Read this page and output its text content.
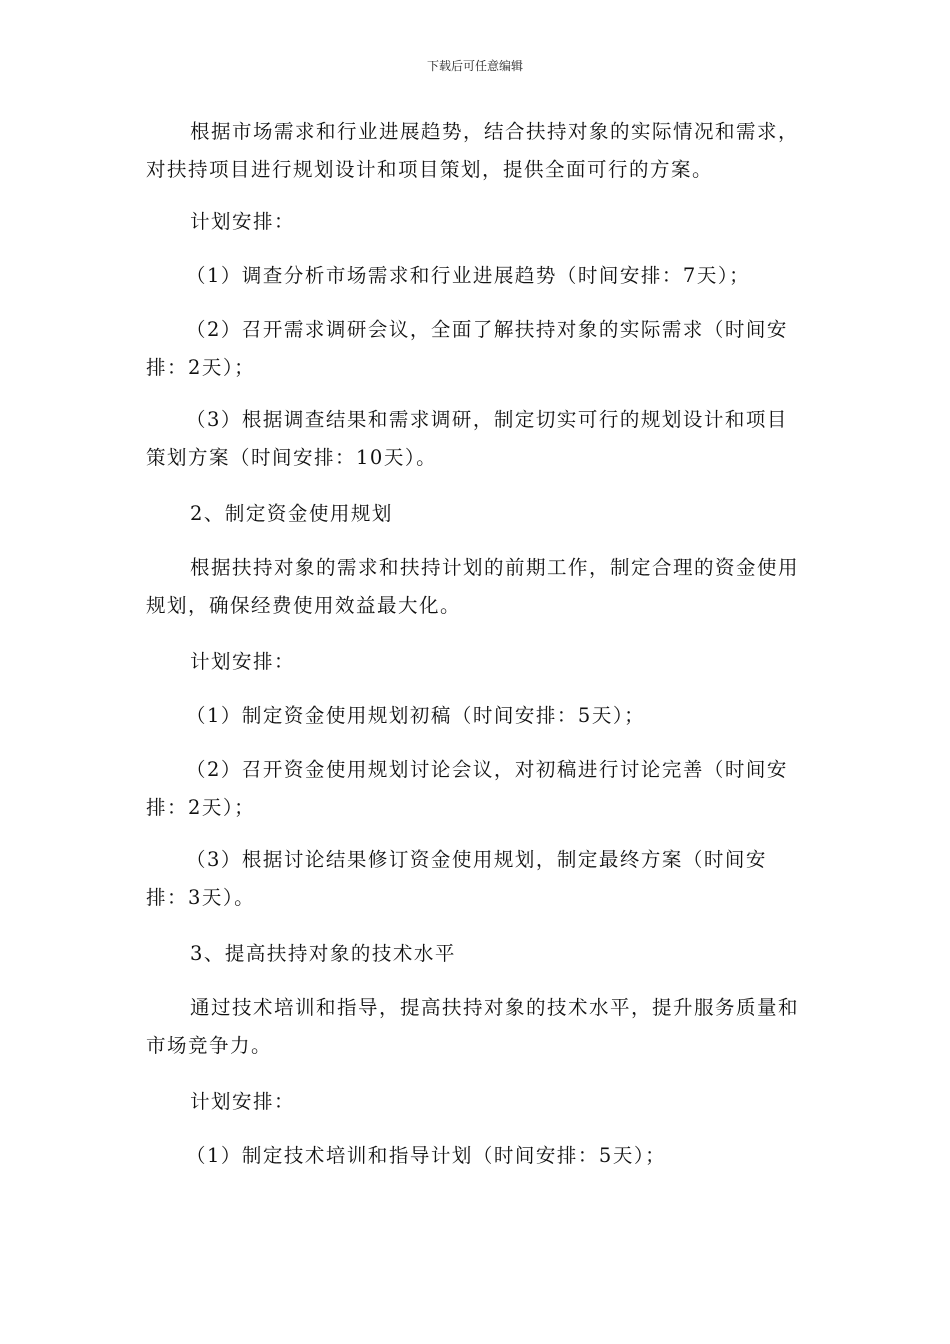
下载后可任意编辑

根据市场需求和行业进展趋势，结合扶持对象的实际情况和需求，对扶持项目进行规划设计和项目策划，提供全面可行的方案。

计划安排：

（1）调查分析市场需求和行业进展趋势（时间安排：7天）；

（2）召开需求调研会议，全面了解扶持对象的实际需求（时间安排：2天）；

（3）根据调查结果和需求调研，制定切实可行的规划设计和项目策划方案（时间安排：10天）。

2、制定资金使用规划

根据扶持对象的需求和扶持计划的前期工作，制定合理的资金使用规划，确保经费使用效益最大化。

计划安排：

（1）制定资金使用规划初稿（时间安排：5天）；

（2）召开资金使用规划讨论会议，对初稿进行讨论完善（时间安排：2天）；

（3）根据讨论结果修订资金使用规划，制定最终方案（时间安排：3天）。

3、提高扶持对象的技术水平

通过技术培训和指导，提高扶持对象的技术水平，提升服务质量和市场竞争力。

计划安排：

（1）制定技术培训和指导计划（时间安排：5天）；
